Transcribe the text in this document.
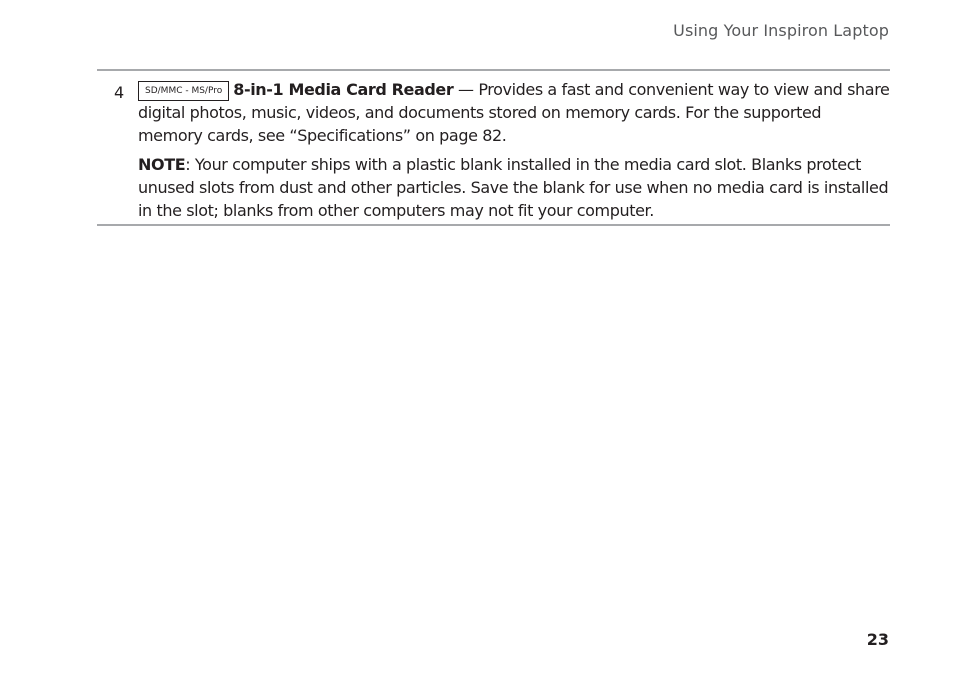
Using Your Inspiron Laptop
4	SD/MMC - MS/Pro 8-in-1 Media Card Reader — Provides a fast and convenient way to view and share digital photos, music, videos, and documents stored on memory cards. For the supported memory cards, see “Specifications” on page 82.

NOTE: Your computer ships with a plastic blank installed in the media card slot. Blanks protect unused slots from dust and other particles. Save the blank for use when no media card is installed in the slot; blanks from other computers may not fit your computer.

23
